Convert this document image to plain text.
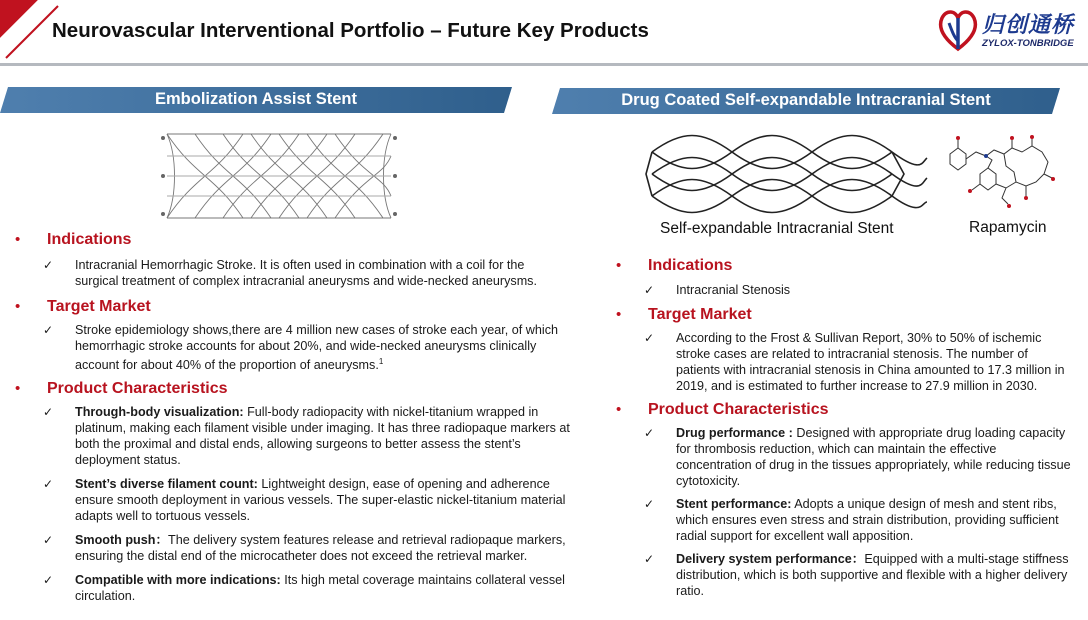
Neurovascular Interventional Portfolio – Future Key Products	归创通桥
ZYLOX-TONBRIDGE
Embolization Assist Stent	Drug Coated Self-expandable Intracranial Stent
Self-expandable Intracranial Stent	Rapamycin
• Indications
✓ Intracranial Hemorrhagic Stroke. It is often used in combination with a coil for the surgical treatment of complex intracranial aneurysms and wide-necked aneurysms.
• Target Market
✓ Stroke epidemiology shows,there are 4 million new cases of stroke each year, of which hemorrhagic stroke accounts for about 20%, and wide-necked aneurysms clinically account for about 40% of the proportion of aneurysms.$^1$
• Product Characteristics
✓ Through-body visualization: Full-body radiopacity with nickel-titanium wrapped in platinum, making each filament visible under imaging. It has three radiopaque markers at both the proximal and distal ends, allowing surgeons to better assess the stent’s deployment status.
✓ Stent’s diverse filament count: Lightweight design, ease of opening and adherence ensure smooth deployment in various vessels. The super-elastic nickel-titanium material adapts well to tortuous vessels.
✓ Smooth push：The delivery system features release and retrieval radiopaque markers, ensuring the distal end of the microcatheter does not exceed the retrieval marker.
✓ Compatible with more indications: Its high metal coverage maintains collateral vessel circulation.
• Indications
✓ Intracranial Stenosis
• Target Market
✓ According to the Frost & Sullivan Report, 30% to 50% of ischemic stroke cases are related to intracranial stenosis. The number of patients with intracranial stenosis in China amounted to 17.3 million in 2019, and is estimated to further increase to 27.9 million in 2030.
• Product Characteristics
✓ Drug performance : Designed with appropriate drug loading capacity for thrombosis reduction, which can maintain the effective concentration of drug in the tissues appropriately, while reducing tissue cytotoxicity.
✓ Stent performance: Adopts a unique design of mesh and stent ribs, which ensures even stress and strain distribution, providing sufficient radial support for excellent wall apposition.
✓ Delivery system performance：Equipped with a multi-stage stiffness distribution, which is both supportive and flexible with a higher delivery ratio.
